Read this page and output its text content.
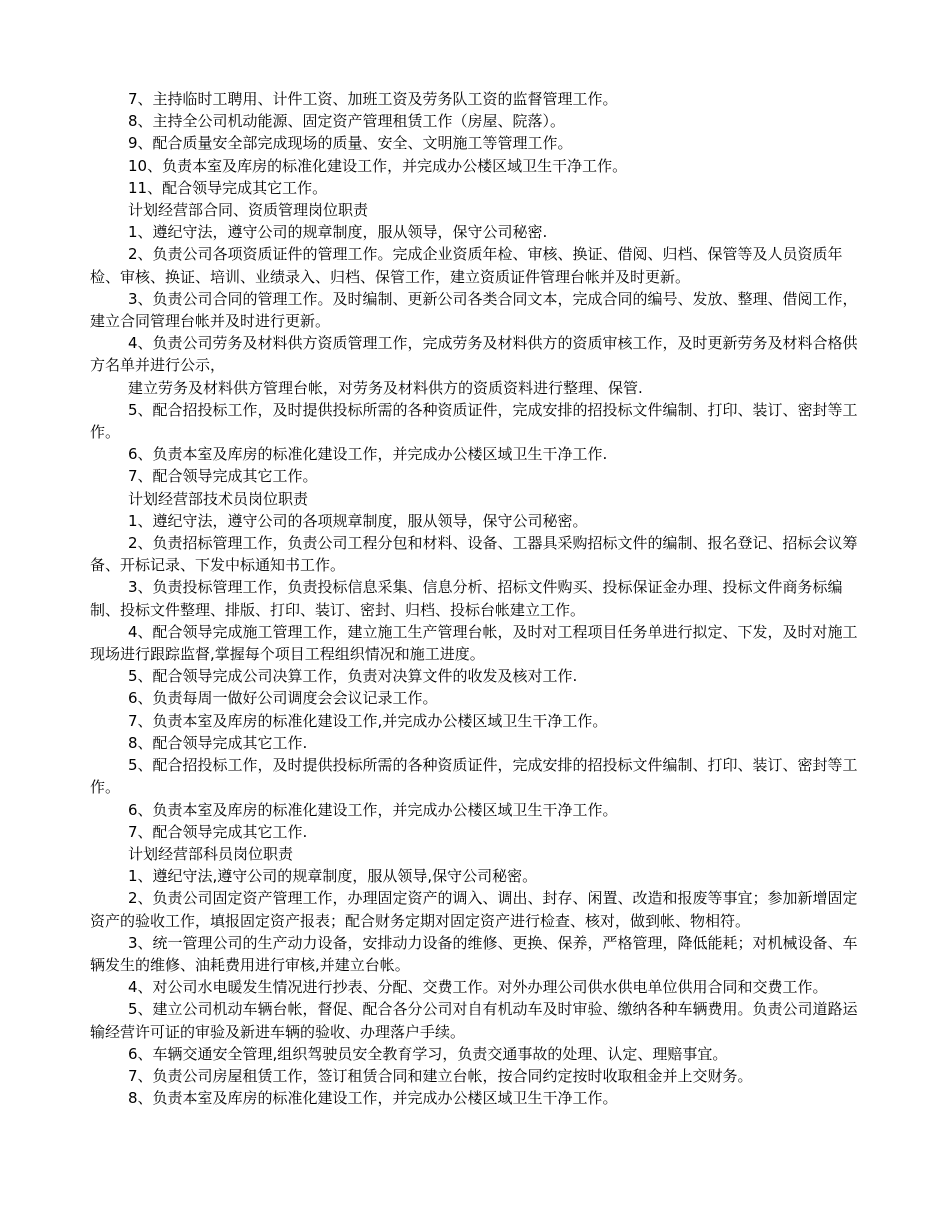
7、主持临时工聘用、计件工资、加班工资及劳务队工资的监督管理工作。

8、主持全公司机动能源、固定资产管理租赁工作（房屋、院落）。

9、配合质量安全部完成现场的质量、安全、文明施工等管理工作。

10、负责本室及库房的标准化建设工作，并完成办公楼区域卫生干净工作。

11、配合领导完成其它工作。

计划经营部合同、资质管理岗位职责

1、遵纪守法，遵守公司的规章制度，服从领导，保守公司秘密.

2、负责公司各项资质证件的管理工作。完成企业资质年检、审核、换证、借阅、归档、保管等及人员资质年检、审核、换证、培训、业绩录入、归档、保管工作，建立资质证件管理台帐并及时更新。

3、负责公司合同的管理工作。及时编制、更新公司各类合同文本，完成合同的编号、发放、整理、借阅工作，建立合同管理台帐并及时进行更新。

4、负责公司劳务及材料供方资质管理工作，完成劳务及材料供方的资质审核工作，及时更新劳务及材料合格供方名单并进行公示，

建立劳务及材料供方管理台帐，对劳务及材料供方的资质资料进行整理、保管.

5、配合招投标工作，及时提供投标所需的各种资质证件，完成安排的招投标文件编制、打印、装订、密封等工作。

6、负责本室及库房的标准化建设工作，并完成办公楼区域卫生干净工作.

7、配合领导完成其它工作。

计划经营部技术员岗位职责

1、遵纪守法，遵守公司的各项规章制度，服从领导，保守公司秘密。

2、负责招标管理工作，负责公司工程分包和材料、设备、工器具采购招标文件的编制、报名登记、招标会议筹备、开标记录、下发中标通知书工作。

3、负责投标管理工作，负责投标信息采集、信息分析、招标文件购买、投标保证金办理、投标文件商务标编制、投标文件整理、排版、打印、装订、密封、归档、投标台帐建立工作。

4、配合领导完成施工管理工作，建立施工生产管理台帐，及时对工程项目任务单进行拟定、下发，及时对施工现场进行跟踪监督,掌握每个项目工程组织情况和施工进度。

5、配合领导完成公司决算工作，负责对决算文件的收发及核对工作.

6、负责每周一做好公司调度会会议记录工作。

7、负责本室及库房的标准化建设工作,并完成办公楼区域卫生干净工作。

8、配合领导完成其它工作.

5、配合招投标工作，及时提供投标所需的各种资质证件，完成安排的招投标文件编制、打印、装订、密封等工作。

6、负责本室及库房的标准化建设工作，并完成办公楼区域卫生干净工作。

7、配合领导完成其它工作.

计划经营部科员岗位职责

1、遵纪守法,遵守公司的规章制度，服从领导,保守公司秘密。

2、负责公司固定资产管理工作，办理固定资产的调入、调出、封存、闲置、改造和报废等事宜；参加新增固定资产的验收工作，填报固定资产报表；配合财务定期对固定资产进行检查、核对，做到帐、物相符。

3、统一管理公司的生产动力设备，安排动力设备的维修、更换、保养，严格管理，降低能耗；对机械设备、车辆发生的维修、油耗费用进行审核,并建立台帐。

4、对公司水电暖发生情况进行抄表、分配、交费工作。对外办理公司供水供电单位供用合同和交费工作。

5、建立公司机动车辆台帐，督促、配合各分公司对自有机动车及时审验、缴纳各种车辆费用。负责公司道路运输经营许可证的审验及新进车辆的验收、办理落户手续。

6、车辆交通安全管理,组织驾驶员安全教育学习，负责交通事故的处理、认定、理赔事宜。

7、负责公司房屋租赁工作，签订租赁合同和建立台帐，按合同约定按时收取租金并上交财务。

8、负责本室及库房的标准化建设工作，并完成办公楼区域卫生干净工作。
